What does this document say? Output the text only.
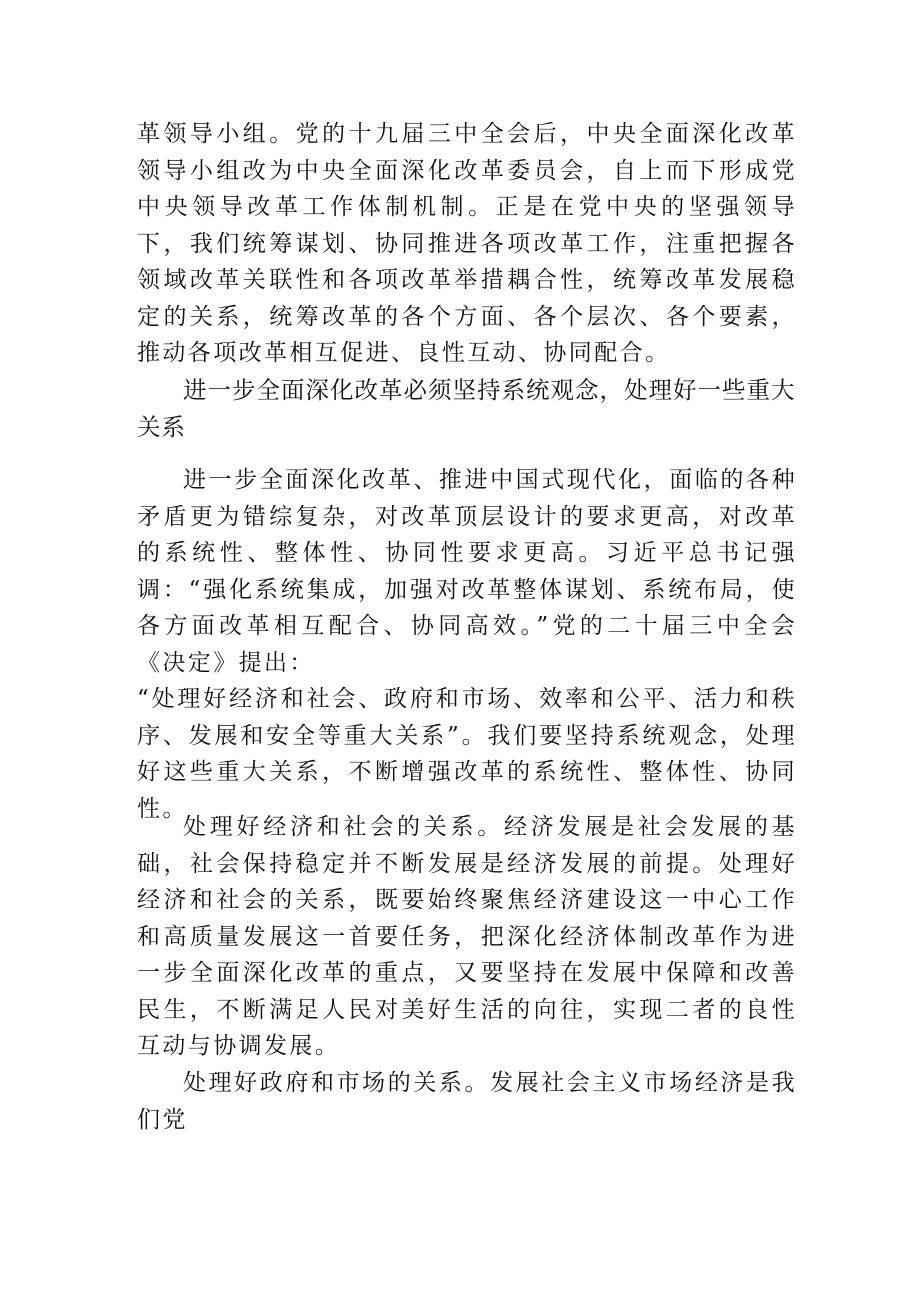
革领导小组。党的十九届三中全会后，中央全面深化改革领导小组改为中央全面深化改革委员会，自上而下形成党中央领导改革工作体制机制。正是在党中央的坚强领导下，我们统筹谋划、协同推进各项改革工作，注重把握各领域改革关联性和各项改革举措耦合性，统筹改革发展稳定的关系，统筹改革的各个方面、各个层次、各个要素，推动各项改革相互促进、良性互动、协同配合。

进一步全面深化改革必须坚持系统观念，处理好一些重大关系

进一步全面深化改革、推进中国式现代化，面临的各种矛盾更为错综复杂，对改革顶层设计的要求更高，对改革的系统性、整体性、协同性要求更高。习近平总书记强调：“强化系统集成，加强对改革整体谋划、系统布局，使各方面改革相互配合、协同高效。”党的二十届三中全会《决定》提出：

“处理好经济和社会、政府和市场、效率和公平、活力和秩序、发展和安全等重大关系”。我们要坚持系统观念，处理好这些重大关系，不断增强改革的系统性、整体性、协同性。

处理好经济和社会的关系。经济发展是社会发展的基础，社会保持稳定并不断发展是经济发展的前提。处理好经济和社会的关系，既要始终聚焦经济建设这一中心工作和高质量发展这一首要任务，把深化经济体制改革作为进一步全面深化改革的重点，又要坚持在发展中保障和改善民生，不断满足人民对美好生活的向往，实现二者的良性互动与协调发展。

处理好政府和市场的关系。发展社会主义市场经济是我们党
